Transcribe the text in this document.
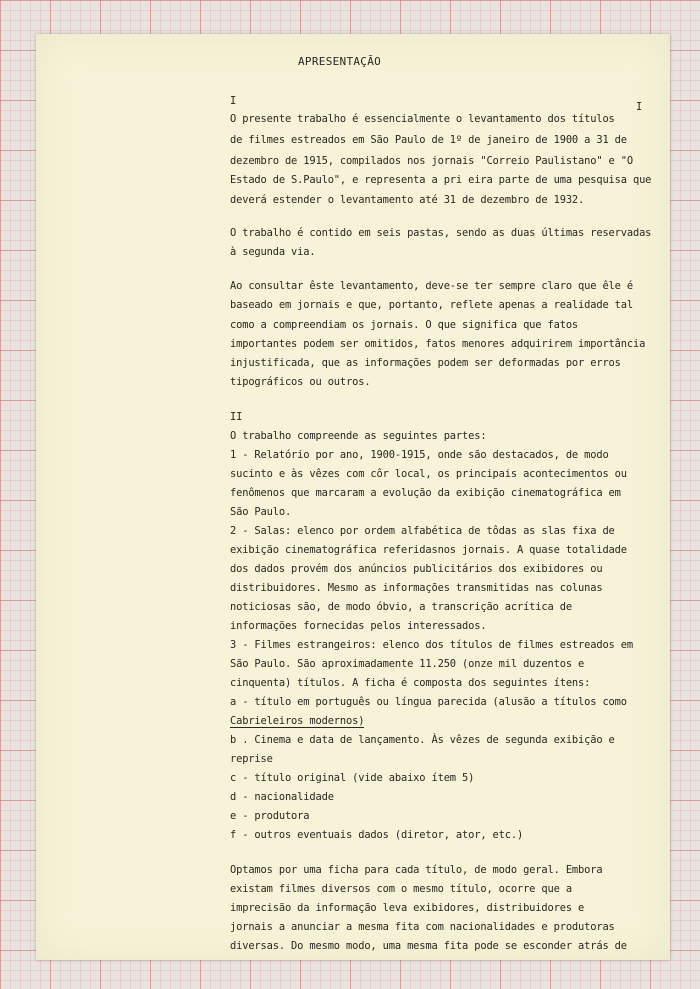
APRESENTAÇÃO
I
I
O presente trabalho é essencialmente o levantamento dos títulos
de filmes estreados em São Paulo de 1º de janeiro de 1900 a 31 de
dezembro de 1915, compilados nos jornais "Correio Paulistano" e "O
Estado de S.Paulo", e representa a pri eira parte de uma pesquisa que
deverá estender o levantamento até 31 de dezembro de 1932.
O trabalho é contido em seis pastas, sendo as duas últimas reservadas
à segunda via.
Ao consultar êste levantamento, deve-se ter sempre claro que êle é
baseado em jornais e que, portanto, reflete apenas a realidade tal
como a compreendiam os jornais. O que significa que fatos
importantes podem ser omitidos, fatos menores adquirirem importância
injustificada, que as informações podem ser deformadas por erros
tipográficos ou outros.
II
O trabalho compreende as seguintes partes:
1 - Relatório por ano, 1900-1915, onde são destacados, de modo
sucinto e às vêzes com côr local, os principais acontecimentos ou
fenômenos que marcaram a evolução da exibição cinematográfica em
São Paulo.
2 - Salas: elenco por ordem alfabética de tôdas as slas fixa de
exibição cinematográfica referidasnos jornais. A quase totalidade
dos dados provém dos anúncios publicitários dos exibidores ou
distribuidores. Mesmo as informações transmitidas nas colunas
noticiosas são, de modo óbvio, a transcrição acrítica de
informações fornecidas pelos interessados.
3 - Filmes estrangeiros: elenco dos títulos de filmes estreados em
São Paulo. São aproximadamente 11.250 (onze mil duzentos e
cinquenta) títulos. A ficha é composta dos seguintes ítens:
a - título em português ou língua parecida (alusão a títulos como
Cabrieleiros modernos)
b . Cinema e data de lançamento. Às vêzes de segunda exibição e
reprise
c - título original (vide abaixo ítem 5)
d - nacionalidade
e - produtora
f - outros eventuais dados (diretor, ator, etc.)
Optamos por uma ficha para cada título, de modo geral. Embora
existam filmes diversos com o mesmo título, ocorre que a
imprecisão da informação leva exibidores, distribuidores e
jornais a anunciar a mesma fita com nacionalidades e produtoras
diversas. Do mesmo modo, uma mesma fita pode se esconder atrás de
